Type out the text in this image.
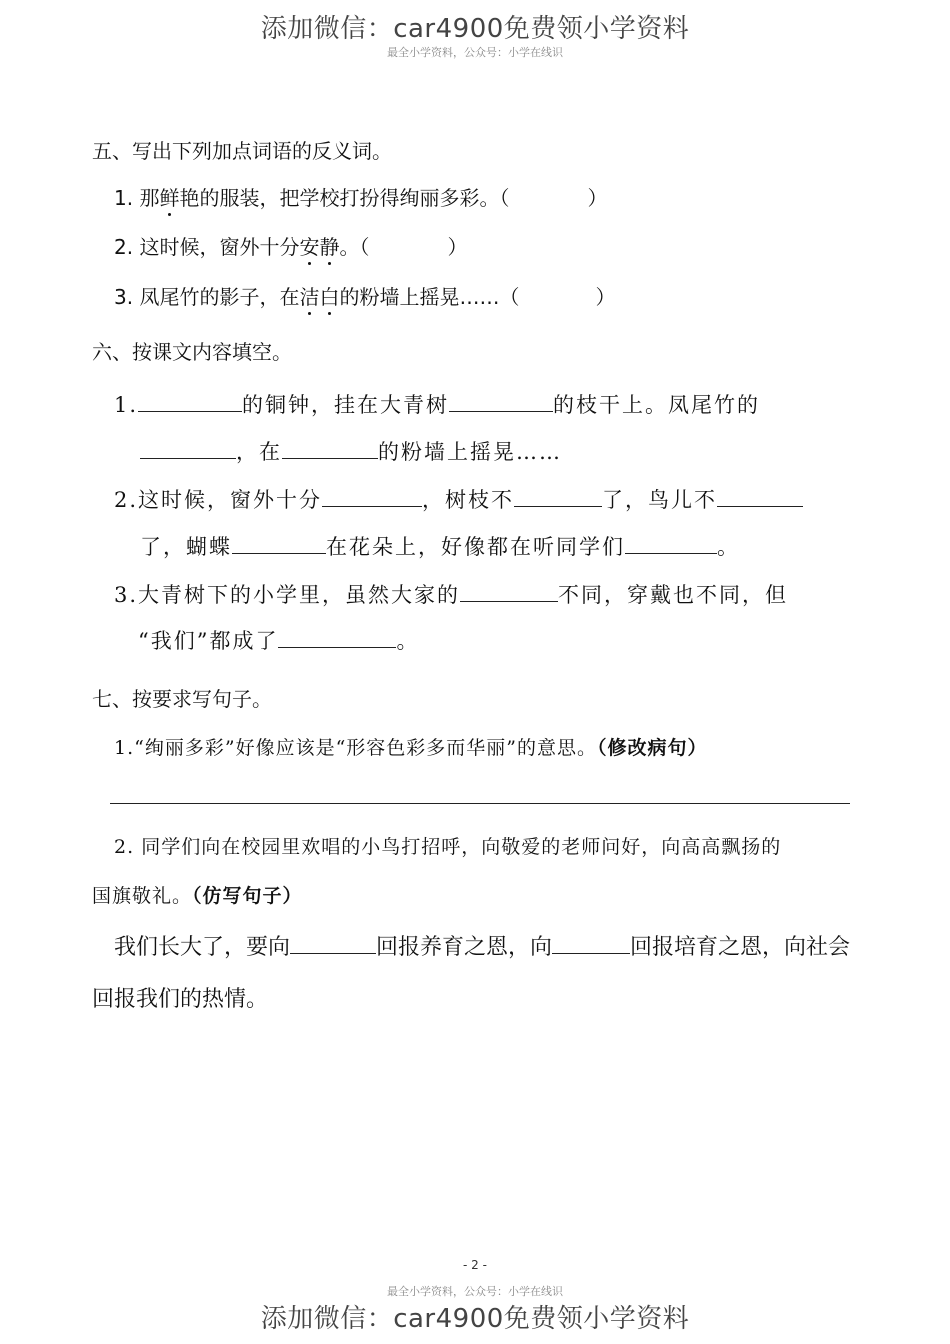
添加微信：car4900免费领小学资料
最全小学资料，公众号：小学在线识
五、写出下列加点词语的反义词。
1. 那鲜艳的服装，把学校打扮得绚丽多彩。（	）
2. 这时候，窗外十分安静。（	）
3. 凤尾竹的影子，在洁白的粉墙上摇晃……（	）
六、按课文内容填空。
1.	的铜钟，挂在大青树	的枝干上。凤尾竹的
，在	的粉墙上摇晃……
2.这时候，窗外十分	，树枝不	了，鸟儿不
了，蝴蝶	在花朵上，好像都在听同学们	。
3.大青树下的小学里，虽然大家的	不同，穿戴也不同，但
“我们”都成了	。
七、按要求写句子。
1.“绚丽多彩”好像应该是“形容色彩多而华丽”的意思。（修改病句）
2. 同学们向在校园里欢唱的小鸟打招呼，向敬爱的老师问好，向高高飘扬的
国旗敬礼。（仿写句子）
我们长大了，要向	回报养育之恩，向	回报培育之恩，向社会
回报我们的热情。
- 2 -
最全小学资料，公众号：小学在线识
添加微信：car4900免费领小学资料
